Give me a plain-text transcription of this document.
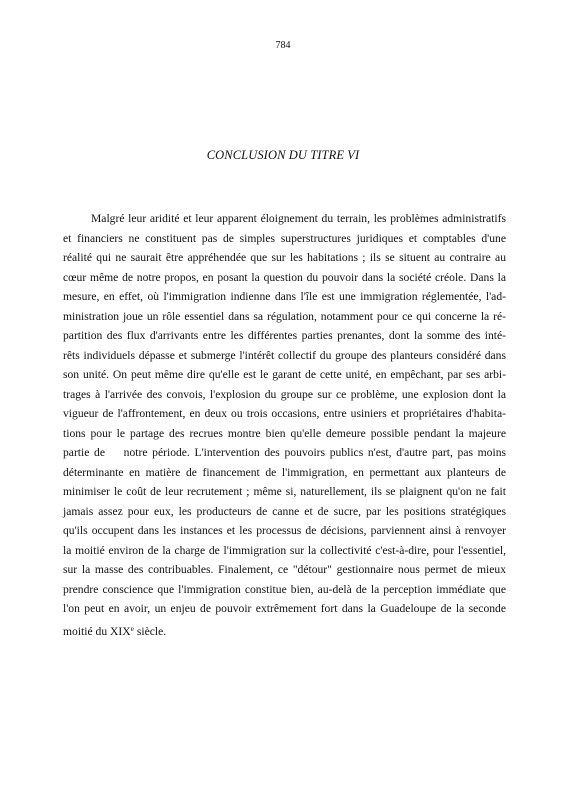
784
CONCLUSION DU TITRE VI
Malgré leur aridité et leur apparent éloignement du terrain, les problèmes administratifs
et financiers ne constituent pas de simples superstructures juridiques et comptables d'une
réalité qui ne saurait être appréhendée que sur les habitations ; ils se situent au contraire au
cœur même de notre propos, en posant la question du pouvoir dans la société créole. Dans la
mesure, en effet, où l'immigration indienne dans l'île est une immigration réglementée, l'ad-
ministration joue un rôle essentiel dans sa régulation, notamment pour ce qui concerne la ré-
partition des flux d'arrivants entre les différentes parties prenantes, dont la somme des inté-
rêts individuels dépasse et submerge l'intérêt collectif du groupe des planteurs considéré dans
son unité. On peut même dire qu'elle est le garant de cette unité, en empêchant, par ses arbi-
trages à l'arrivée des convois, l'explosion du groupe sur ce problème, une explosion dont la
vigueur de l'affrontement, en deux ou trois occasions, entre usiniers et propriétaires d'habita-
tions pour le partage des recrues montre bien qu'elle demeure possible pendant la majeure
partie de    notre période. L'intervention des pouvoirs publics n'est, d'autre part, pas moins
déterminante en matière de financement de l'immigration, en permettant aux planteurs de
minimiser le coût de leur recrutement ; même si, naturellement, ils se plaignent qu'on ne fait
jamais assez pour eux, les producteurs de canne et de sucre, par les positions stratégiques
qu'ils occupent dans les instances et les processus de décisions, parviennent ainsi à renvoyer
la moitié environ de la charge de l'immigration sur la collectivité c'est-à-dire, pour l'essentiel,
sur la masse des contribuables. Finalement, ce "détour" gestionnaire nous permet de mieux
prendre conscience que l'immigration constitue bien, au-delà de la perception immédiate que
l'on peut en avoir, un enjeu de pouvoir extrêmement fort dans la Guadeloupe de la seconde
moitié du XIXe siècle.
